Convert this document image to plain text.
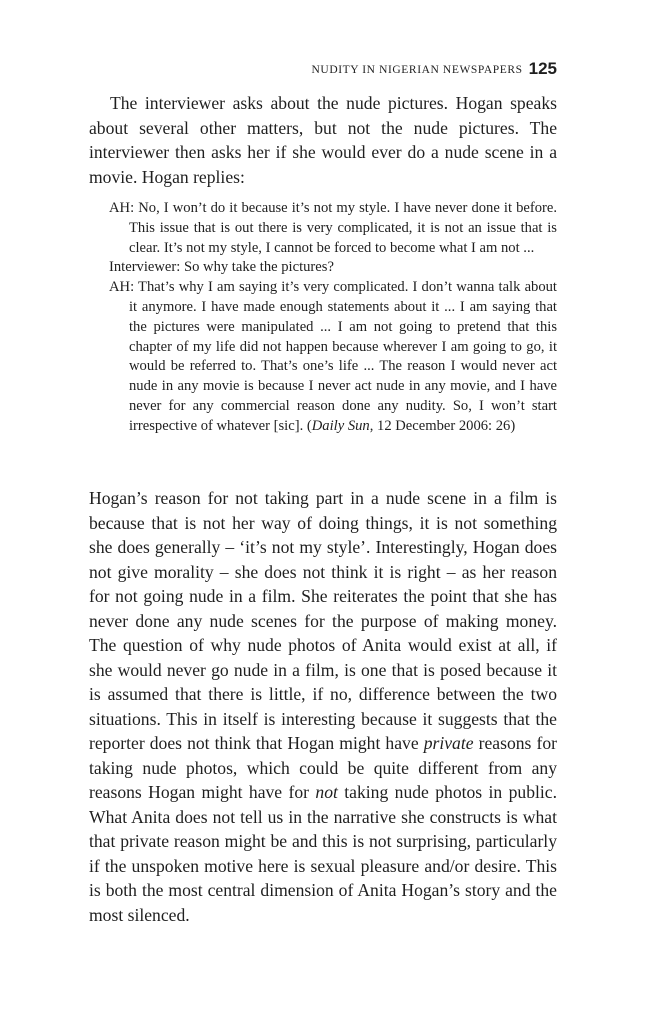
NUDITY IN NIGERIAN NEWSPAPERS 125

The interviewer asks about the nude pictures. Hogan speaks about several other matters, but not the nude pictures. The interviewer then asks her if she would ever do a nude scene in a movie. Hogan replies:

AH: No, I won’t do it because it’s not my style. I have never done it before. This issue that is out there is very complicated, it is not an issue that is clear. It’s not my style, I cannot be forced to become what I am not ...

Interviewer: So why take the pictures?

AH: That’s why I am saying it’s very complicated. I don’t wanna talk about it anymore. I have made enough statements about it ... I am saying that the pictures were manipulated ... I am not going to pretend that this chapter of my life did not happen because wherever I am going to go, it would be referred to. That’s one’s life ... The reason I would never act nude in any movie is because I never act nude in any movie, and I have never for any commercial reason done any nudity. So, I won’t start irrespective of whatever [sic]. (Daily Sun, 12 December 2006: 26)

Hogan’s reason for not taking part in a nude scene in a film is because that is not her way of doing things, it is not something she does generally – ‘it’s not my style’. Interestingly, Hogan does not give morality – she does not think it is right – as her reason for not going nude in a film. She reiterates the point that she has never done any nude scenes for the purpose of making money. The question of why nude photos of Anita would exist at all, if she would never go nude in a film, is one that is posed because it is assumed that there is little, if no, difference between the two situations. This in itself is interesting because it suggests that the reporter does not think that Hogan might have private reasons for taking nude photos, which could be quite different from any reasons Hogan might have for not taking nude photos in public. What Anita does not tell us in the narrative she constructs is what that private reason might be and this is not surprising, particularly if the unspoken motive here is sexual pleasure and/or desire. This is both the most central dimension of Anita Hogan’s story and the most silenced.
